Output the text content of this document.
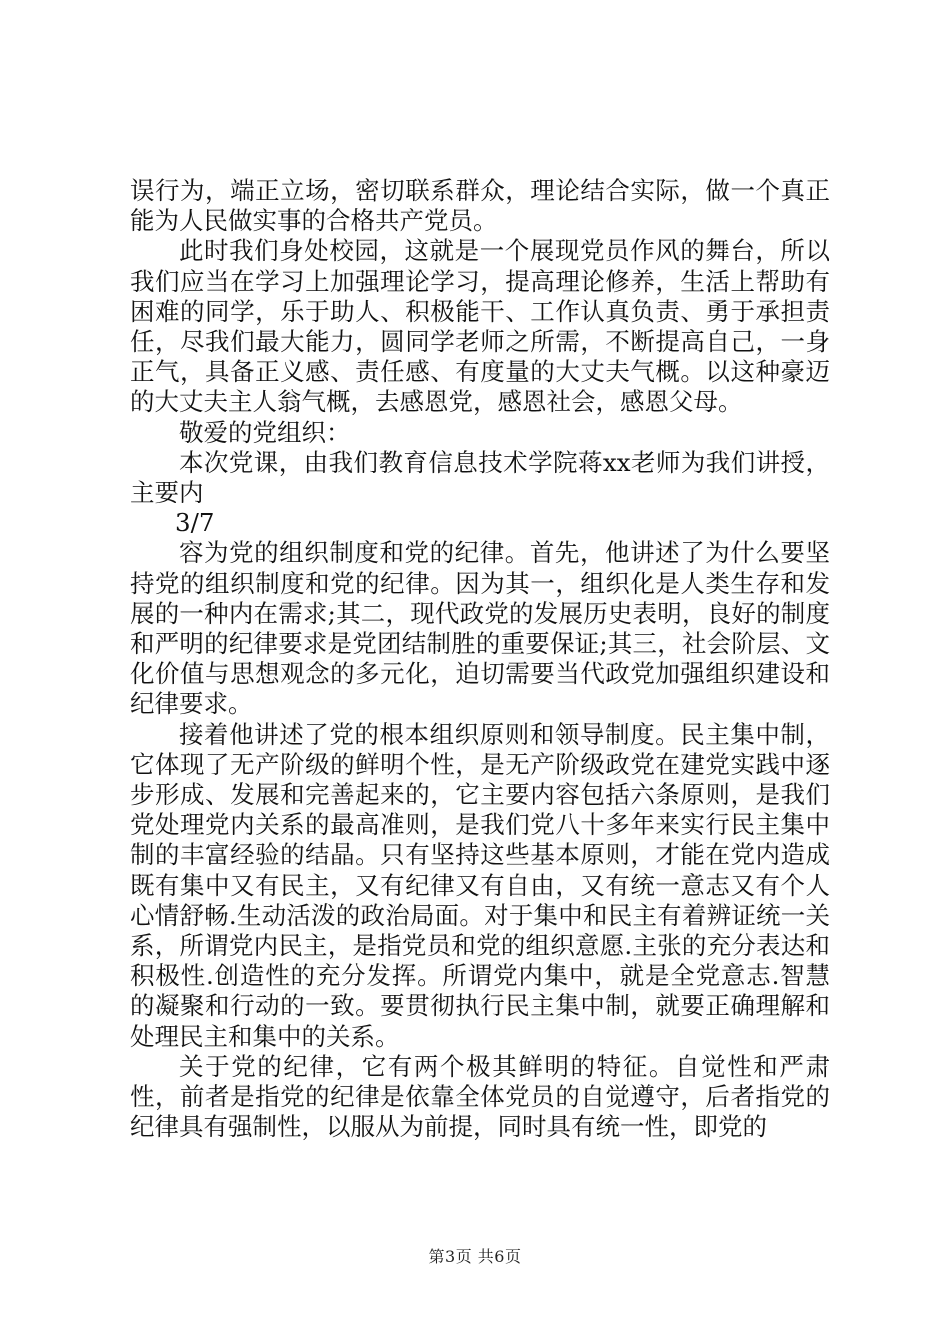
误行为，端正立场，密切联系群众，理论结合实际，做一个真正能为人民做实事的合格共产党员。

此时我们身处校园，这就是一个展现党员作风的舞台，所以我们应当在学习上加强理论学习，提高理论修养，生活上帮助有困难的同学，乐于助人、积极能干、工作认真负责、勇于承担责任，尽我们最大能力，圆同学老师之所需，不断提高自己，一身正气，具备正义感、责任感、有度量的大丈夫气概。以这种豪迈的大丈夫主人翁气概，去感恩党，感恩社会，感恩父母。

敬爱的党组织：

本次党课，由我们教育信息技术学院蒋xx老师为我们讲授，主要内

3/7

容为党的组织制度和党的纪律。首先，他讲述了为什么要坚持党的组织制度和党的纪律。因为其一，组织化是人类生存和发展的一种内在需求;其二，现代政党的发展历史表明，良好的制度和严明的纪律要求是党团结制胜的重要保证;其三，社会阶层、文化价值与思想观念的多元化，迫切需要当代政党加强组织建设和纪律要求。

接着他讲述了党的根本组织原则和领导制度。民主集中制，它体现了无产阶级的鲜明个性，是无产阶级政党在建党实践中逐步形成、发展和完善起来的，它主要内容包括六条原则，是我们党处理党内关系的最高准则，是我们党八十多年来实行民主集中制的丰富经验的结晶。只有坚持这些基本原则，才能在党内造成既有集中又有民主，又有纪律又有自由，又有统一意志又有个人心情舒畅.生动活泼的政治局面。对于集中和民主有着辨证统一关系，所谓党内民主，是指党员和党的组织意愿.主张的充分表达和积极性.创造性的充分发挥。所谓党内集中，就是全党意志.智慧的凝聚和行动的一致。要贯彻执行民主集中制，就要正确理解和处理民主和集中的关系。

关于党的纪律，它有两个极其鲜明的特征。自觉性和严肃性，前者是指党的纪律是依靠全体党员的自觉遵守，后者指党的纪律具有强制性，以服从为前提，同时具有统一性，即党的

第3页 共6页
